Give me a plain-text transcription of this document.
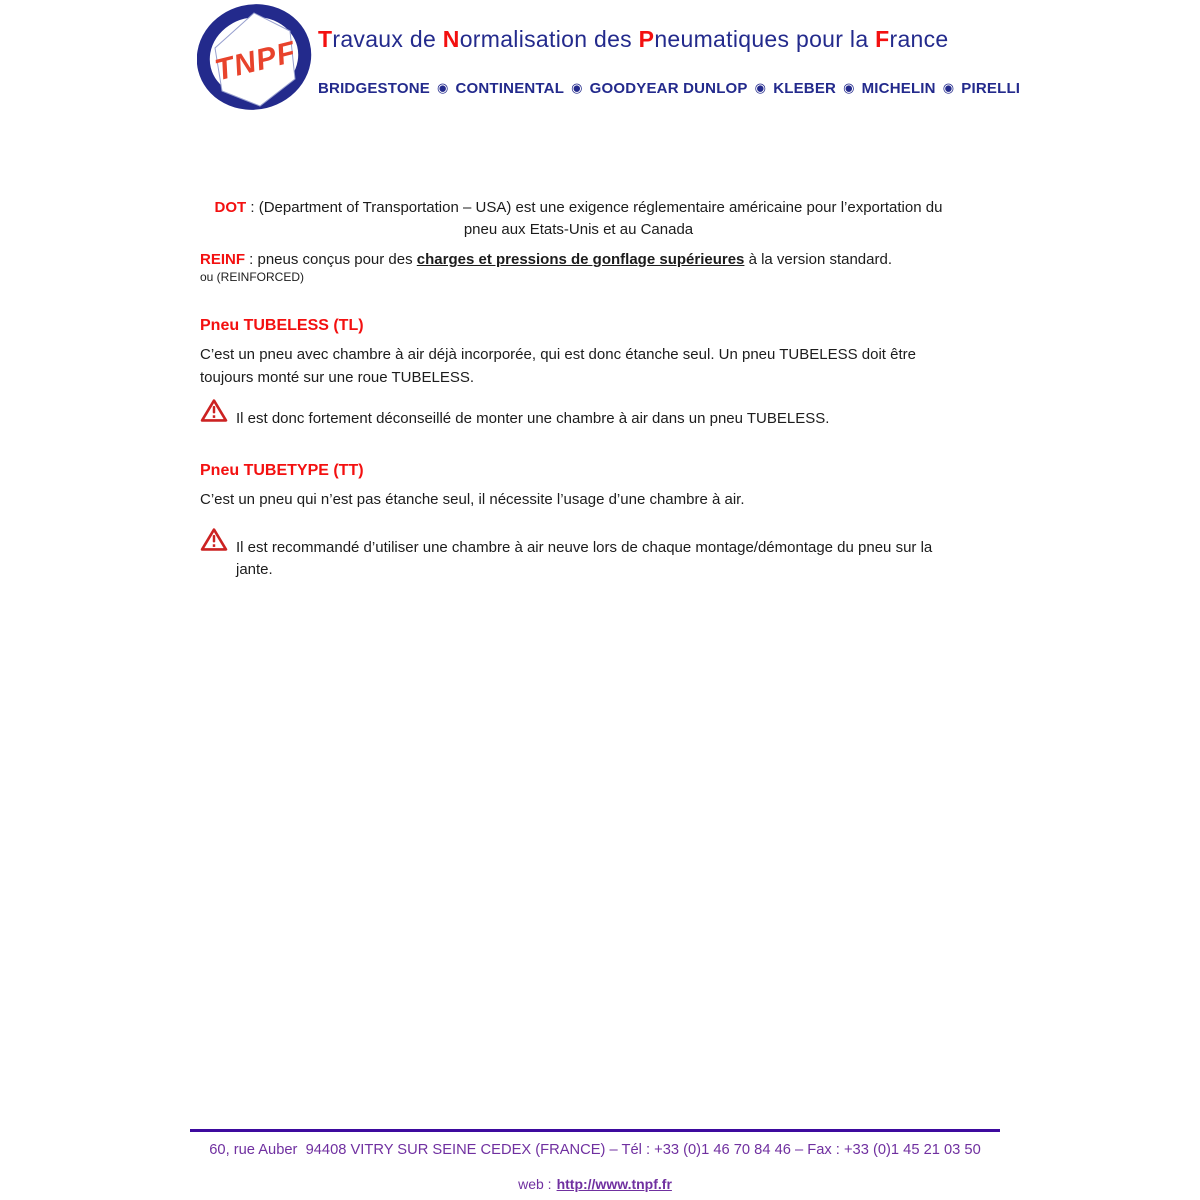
TNPF Travaux de Normalisation des Pneumatiques pour la France
BRIDGESTONE ◉ CONTINENTAL ◉ GOODYEAR DUNLOP ◉ KLEBER ◉ MICHELIN ◉ PIRELLI

DOT : (Department of Transportation – USA) est une exigence réglementaire américaine pour l’exportation du
pneu aux Etats-Unis et au Canada

REINF : pneus conçus pour des charges et pressions de gonflage supérieures à la version standard.

ou (REINFORCED)

Pneu TUBELESS (TL)

C’est un pneu avec chambre à air déjà incorporée, qui est donc étanche seul. Un pneu TUBELESS doit être toujours monté sur une roue TUBELESS.

Il est donc fortement déconseillé de monter une chambre à air dans un pneu TUBELESS.

Pneu TUBETYPE (TT)

C’est un pneu qui n’est pas étanche seul, il nécessite l’usage d’une chambre à air.

Il est recommandé d’utiliser une chambre à air neuve lors de chaque montage/démontage du pneu sur la jante.

60, rue Auber  94408 VITRY SUR SEINE CEDEX (FRANCE) – Tél : +33 (0)1 46 70 84 46 – Fax : +33 (0)1 45 21 03 50

web : http://www.tnpf.fr
